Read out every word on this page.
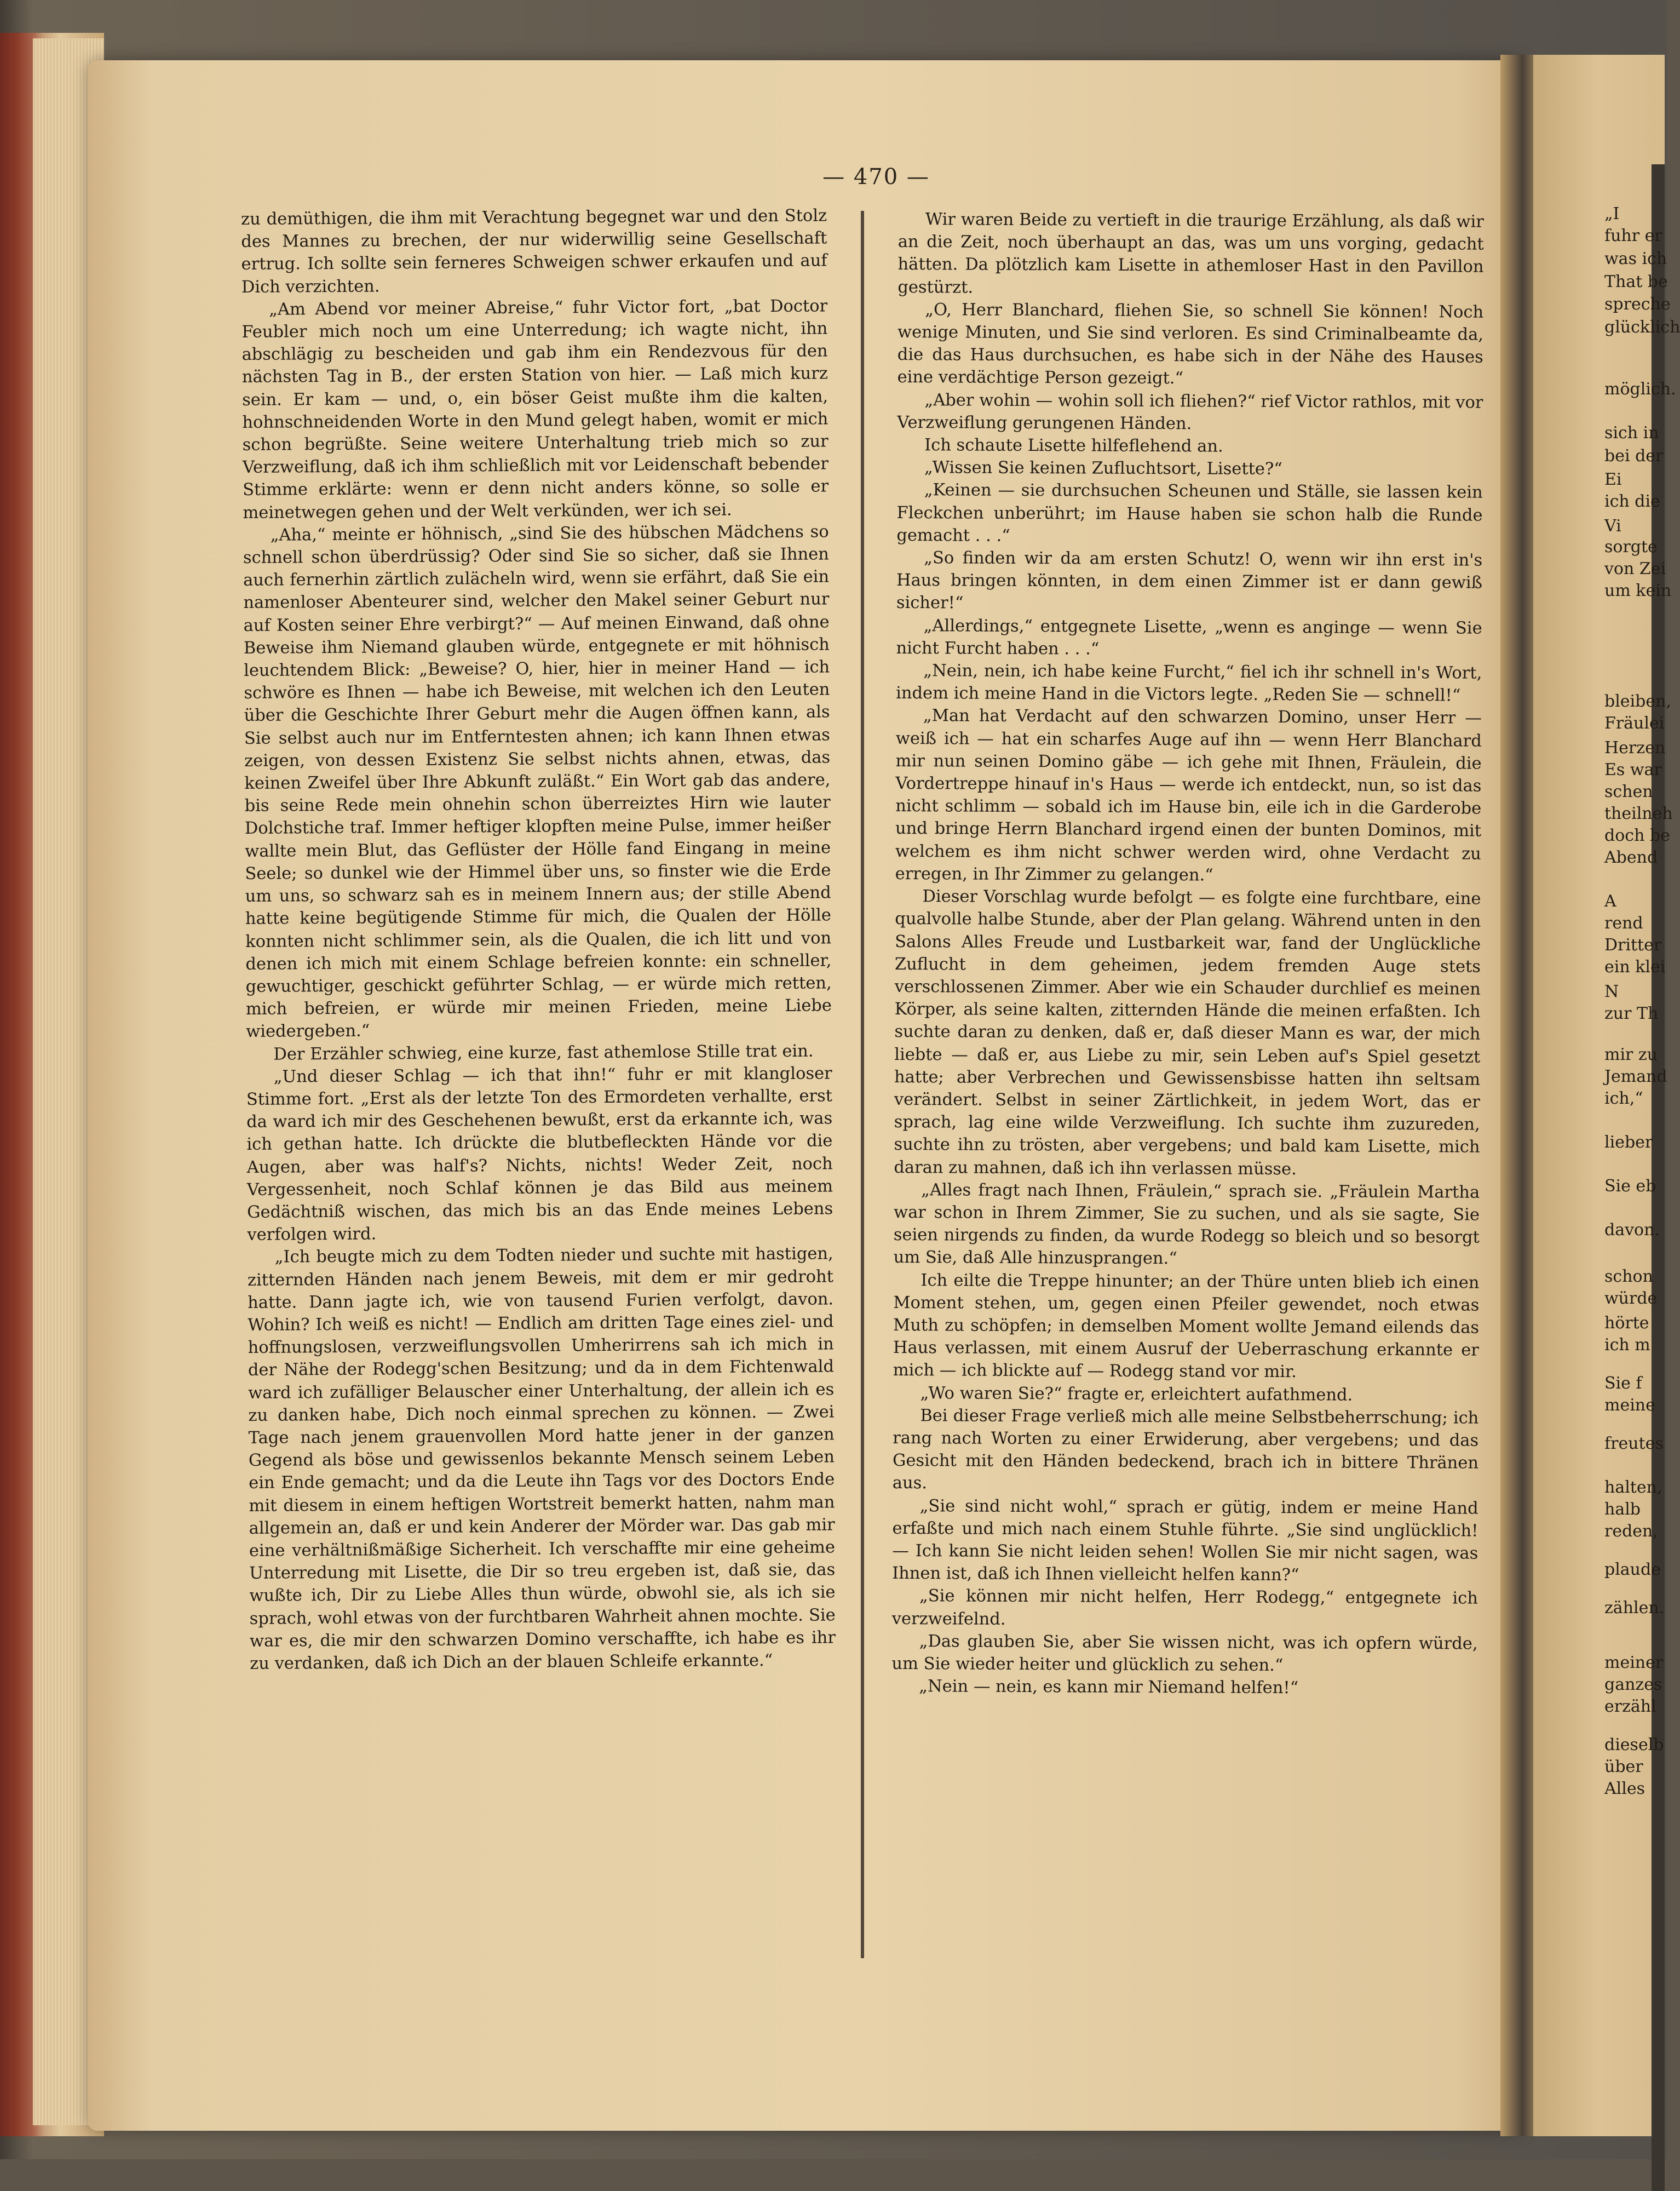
— 470 —

zu demüthigen, die ihm mit Verachtung begegnet war und den Stolz des Mannes zu brechen, der nur widerwillig seine Gesellschaft ertrug. Ich sollte sein ferneres Schweigen schwer erkaufen und auf Dich verzichten.

„Am Abend vor meiner Abreise,“ fuhr Victor fort, „bat Doctor Feubler mich noch um eine Unterredung; ich wagte nicht, ihn abschlägig zu bescheiden und gab ihm ein Rendezvous für den nächsten Tag in B., der ersten Station von hier. — Laß mich kurz sein. Er kam — und, o, ein böser Geist mußte ihm die kalten, hohnschneidenden Worte in den Mund gelegt haben, womit er mich schon begrüßte. Seine weitere Unterhaltung trieb mich so zur Verzweiflung, daß ich ihm schließlich mit vor Leidenschaft bebender Stimme erklärte: wenn er denn nicht anders könne, so solle er meinetwegen gehen und der Welt verkünden, wer ich sei.

„Aha,“ meinte er höhnisch, „sind Sie des hübschen Mädchens so schnell schon überdrüssig? Oder sind Sie so sicher, daß sie Ihnen auch fernerhin zärtlich zulächeln wird, wenn sie erfährt, daß Sie ein namenloser Abenteurer sind, welcher den Makel seiner Geburt nur auf Kosten seiner Ehre verbirgt?“ — Auf meinen Einwand, daß ohne Beweise ihm Niemand glauben würde, entgegnete er mit höhnisch leuchtendem Blick: „Beweise? O, hier, hier in meiner Hand — ich schwöre es Ihnen — habe ich Beweise, mit welchen ich den Leuten über die Geschichte Ihrer Geburt mehr die Augen öffnen kann, als Sie selbst auch nur im Entferntesten ahnen; ich kann Ihnen etwas zeigen, von dessen Existenz Sie selbst nichts ahnen, etwas, das keinen Zweifel über Ihre Abkunft zuläßt.“ Ein Wort gab das andere, bis seine Rede mein ohnehin schon überreiztes Hirn wie lauter Dolchstiche traf. Immer heftiger klopften meine Pulse, immer heißer wallte mein Blut, das Geflüster der Hölle fand Eingang in meine Seele; so dunkel wie der Himmel über uns, so finster wie die Erde um uns, so schwarz sah es in meinem Innern aus; der stille Abend hatte keine begütigende Stimme für mich, die Qualen der Hölle konnten nicht schlimmer sein, als die Qualen, die ich litt und von denen ich mich mit einem Schlage befreien konnte: ein schneller, gewuchtiger, geschickt geführter Schlag, — er würde mich retten, mich befreien, er würde mir meinen Frieden, meine Liebe wiedergeben.“

Der Erzähler schwieg, eine kurze, fast athemlose Stille trat ein.

„Und dieser Schlag — ich that ihn!“ fuhr er mit klangloser Stimme fort. „Erst als der letzte Ton des Ermordeten verhallte, erst da ward ich mir des Geschehenen bewußt, erst da erkannte ich, was ich gethan hatte. Ich drückte die blutbefleckten Hände vor die Augen, aber was half's? Nichts, nichts! Weder Zeit, noch Vergessenheit, noch Schlaf können je das Bild aus meinem Gedächtniß wischen, das mich bis an das Ende meines Lebens verfolgen wird.

„Ich beugte mich zu dem Todten nieder und suchte mit hastigen, zitternden Händen nach jenem Beweis, mit dem er mir gedroht hatte. Dann jagte ich, wie von tausend Furien verfolgt, davon. Wohin? Ich weiß es nicht! — Endlich am dritten Tage eines ziel- und hoffnungslosen, verzweiflungsvollen Umherirrens sah ich mich in der Nähe der Rodegg'schen Besitzung; und da in dem Fichtenwald ward ich zufälliger Belauscher einer Unterhaltung, der allein ich es zu danken habe, Dich noch einmal sprechen zu können. — Zwei Tage nach jenem grauenvollen Mord hatte jener in der ganzen Gegend als böse und gewissenlos bekannte Mensch seinem Leben ein Ende gemacht; und da die Leute ihn Tags vor des Doctors Ende mit diesem in einem heftigen Wortstreit bemerkt hatten, nahm man allgemein an, daß er und kein Anderer der Mörder war. Das gab mir eine verhältnißmäßige Sicherheit. Ich verschaffte mir eine geheime Unterredung mit Lisette, die Dir so treu ergeben ist, daß sie, das wußte ich, Dir zu Liebe Alles thun würde, obwohl sie, als ich sie sprach, wohl etwas von der furchtbaren Wahrheit ahnen mochte. Sie war es, die mir den schwarzen Domino verschaffte, ich habe es ihr zu verdanken, daß ich Dich an der blauen Schleife erkannte.“

Wir waren Beide zu vertieft in die traurige Erzählung, als daß wir an die Zeit, noch überhaupt an das, was um uns vorging, gedacht hätten. Da plötzlich kam Lisette in athemloser Hast in den Pavillon gestürzt.

„O, Herr Blanchard, fliehen Sie, so schnell Sie können! Noch wenige Minuten, und Sie sind verloren. Es sind Criminalbeamte da, die das Haus durchsuchen, es habe sich in der Nähe des Hauses eine verdächtige Person gezeigt.“

„Aber wohin — wohin soll ich fliehen?“ rief Victor rathlos, mit vor Verzweiflung gerungenen Händen.

Ich schaute Lisette hilfeflehend an.

„Wissen Sie keinen Zufluchtsort, Lisette?“

„Keinen — sie durchsuchen Scheunen und Ställe, sie lassen kein Fleckchen unberührt; im Hause haben sie schon halb die Runde gemacht . . .“

„So finden wir da am ersten Schutz! O, wenn wir ihn erst in's Haus bringen könnten, in dem einen Zimmer ist er dann gewiß sicher!“

„Allerdings,“ entgegnete Lisette, „wenn es anginge — wenn Sie nicht Furcht haben . . .“

„Nein, nein, ich habe keine Furcht,“ fiel ich ihr schnell in's Wort, indem ich meine Hand in die Victors legte. „Reden Sie — schnell!“

„Man hat Verdacht auf den schwarzen Domino, unser Herr — weiß ich — hat ein scharfes Auge auf ihn — wenn Herr Blanchard mir nun seinen Domino gäbe — ich gehe mit Ihnen, Fräulein, die Vordertreppe hinauf in's Haus — werde ich entdeckt, nun, so ist das nicht schlimm — sobald ich im Hause bin, eile ich in die Garderobe und bringe Herrn Blanchard irgend einen der bunten Dominos, mit welchem es ihm nicht schwer werden wird, ohne Verdacht zu erregen, in Ihr Zimmer zu gelangen.“

Dieser Vorschlag wurde befolgt — es folgte eine furchtbare, eine qualvolle halbe Stunde, aber der Plan gelang. Während unten in den Salons Alles Freude und Lustbarkeit war, fand der Unglückliche Zuflucht in dem geheimen, jedem fremden Auge stets verschlossenen Zimmer. Aber wie ein Schauder durchlief es meinen Körper, als seine kalten, zitternden Hände die meinen erfaßten. Ich suchte daran zu denken, daß er, daß dieser Mann es war, der mich liebte — daß er, aus Liebe zu mir, sein Leben auf's Spiel gesetzt hatte; aber Verbrechen und Gewissensbisse hatten ihn seltsam verändert. Selbst in seiner Zärtlichkeit, in jedem Wort, das er sprach, lag eine wilde Verzweiflung. Ich suchte ihm zuzureden, suchte ihn zu trösten, aber vergebens; und bald kam Lisette, mich daran zu mahnen, daß ich ihn verlassen müsse.

„Alles fragt nach Ihnen, Fräulein,“ sprach sie. „Fräulein Martha war schon in Ihrem Zimmer, Sie zu suchen, und als sie sagte, Sie seien nirgends zu finden, da wurde Rodegg so bleich und so besorgt um Sie, daß Alle hinzusprangen.“

Ich eilte die Treppe hinunter; an der Thüre unten blieb ich einen Moment stehen, um, gegen einen Pfeiler gewendet, noch etwas Muth zu schöpfen; in demselben Moment wollte Jemand eilends das Haus verlassen, mit einem Ausruf der Ueberraschung erkannte er mich — ich blickte auf — Rodegg stand vor mir.

„Wo waren Sie?“ fragte er, erleichtert aufathmend.

Bei dieser Frage verließ mich alle meine Selbstbeherrschung; ich rang nach Worten zu einer Erwiderung, aber vergebens; und das Gesicht mit den Händen bedeckend, brach ich in bittere Thränen aus.

„Sie sind nicht wohl,“ sprach er gütig, indem er meine Hand erfaßte und mich nach einem Stuhle führte. „Sie sind unglücklich! — Ich kann Sie nicht leiden sehen! Wollen Sie mir nicht sagen, was Ihnen ist, daß ich Ihnen vielleicht helfen kann?“

„Sie können mir nicht helfen, Herr Rodegg,“ entgegnete ich verzweifelnd.

„Das glauben Sie, aber Sie wissen nicht, was ich opfern würde, um Sie wieder heiter und glücklich zu sehen.“

„Nein — nein, es kann mir Niemand helfen!“

„I
fuhr er
was ich
That be
spreche
glücklich
möglich.
sich in
bei der
Ei
ich die
Vi
sorgte
von Zei
um kein
bleiben,
Fräulei
Herzen
Es war
schen
theilneh
doch be
Abend
A
rend
Dritter
ein klei
N
zur Th
mir zu
Jemand
ich,“
lieber
Sie eb
davon.
schon
würde
hörte
ich m
Sie f
meine
freutes
halten,
halb
reden,
plaude
zählen.
meiner
ganzes
erzähl
dieselb
über
Alles
